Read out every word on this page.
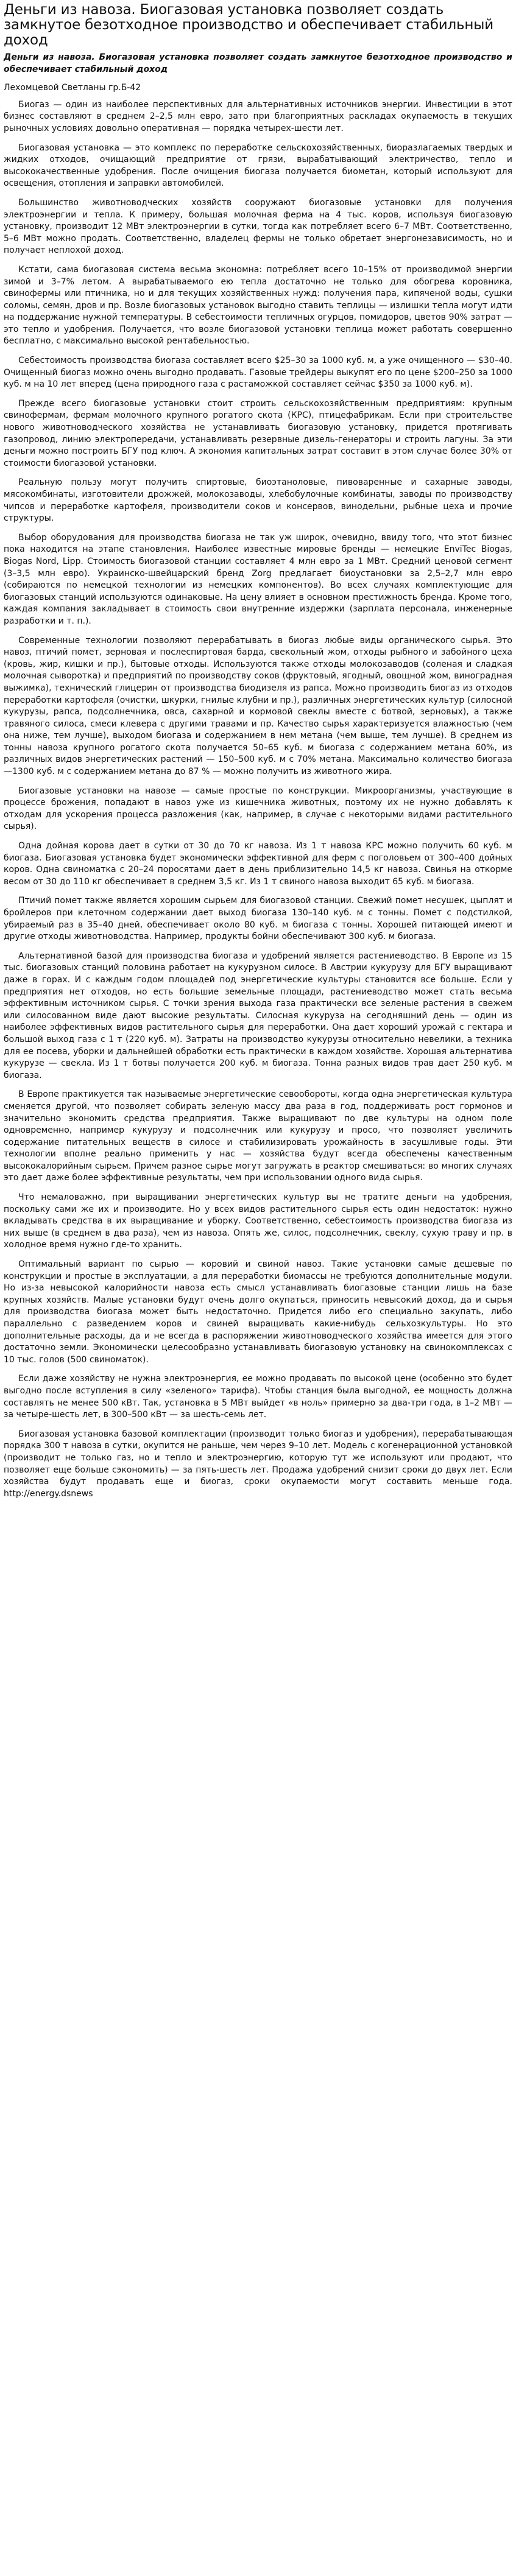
Деньги из навоза. Биогазовая установка позволяет создать замкнутое безотходное производство и обеспечивает стабильный доход

Деньги из навоза. Биогазовая установка позволяет создать замкнутое безотходное производство и обеспечивает стабильный доход

Лехомцевой Светланы гр.Б-42

Биогаз — один из наиболее перспективных для альтернативных источников энергии. Инвестиции в этот бизнес составляют в среднем 2–2,5 млн евро, зато при благоприятных раскладах окупаемость в текущих рыночных условиях довольно оперативная — порядка четырех-шести лет.

Биогазовая установка — это комплекс по переработке сельскохозяйственных, биоразлагаемых твердых и жидких отходов, очищающий предприятие от грязи, вырабатывающий электричество, тепло и высококачественные удобрения. После очищения биогаза получается биометан, который используют для освещения, отопления и заправки автомобилей.

Большинство животноводческих хозяйств сооружают биогазовые установки для получения электроэнергии и тепла. К примеру, большая молочная ферма на 4 тыс. коров, используя биогазовую установку, производит 12 МВт электроэнергии в сутки, тогда как потребляет всего 6–7 МВт. Соответственно, 5–6 МВт можно продать. Соответственно, владелец фермы не только обретает энергонезависимость, но и получает неплохой доход.

Кстати, сама биогазовая система весьма экономна: потребляет всего 10–15% от производимой энергии зимой и 3–7% летом. А вырабатываемого ею тепла достаточно не только для обогрева коровника, свинофермы или птичника, но и для текущих хозяйственных нужд: получения пара, кипяченой воды, сушки соломы, семян, дров и пр. Возле биогазовых установок выгодно ставить теплицы — излишки тепла могут идти на поддержание нужной температуры. В себестоимости тепличных огурцов, помидоров, цветов 90% затрат — это тепло и удобрения. Получается, что возле биогазовой установки теплица может работать совершенно бесплатно, с максимально высокой рентабельностью.

Себестоимость производства биогаза составляет всего $25–30 за 1000 куб. м, а уже очищенного — $30–40. Очищенный биогаз можно очень выгодно продавать. Газовые трейдеры выкупят его по цене $200–250 за 1000 куб. м на 10 лет вперед (цена природного газа с растаможкой составляет сейчас $350 за 1000 куб. м).

Прежде всего биогазовые установки стоит строить сельскохозяйственным предприятиям: крупным свинофермам, фермам молочного крупного рогатого скота (КРС), птицефабрикам. Если при строительстве нового животноводческого хозяйства не устанавливать биогазовую установку, придется протягивать газопровод, линию электропередачи, устанавливать резервные дизель-генераторы и строить лагуны. За эти деньги можно построить БГУ под ключ. А экономия капитальных затрат составит в этом случае более 30% от стоимости биогазовой установки.

Реальную пользу могут получить спиртовые, биоэтаноловые, пивоваренные и сахарные заводы, мясокомбинаты, изготовители дрожжей, молокозаводы, хлебобулочные комбинаты, заводы по производству чипсов и переработке картофеля, производители соков и консервов, винодельни, рыбные цеха и прочие структуры.

Выбор оборудования для производства биогаза не так уж широк, очевидно, ввиду того, что этот бизнес пока находится на этапе становления. Наиболее известные мировые бренды — немецкие EnviTec Biogas, Biogas Nord, Lipp. Стоимость биогазовой станции составляет 4 млн евро за 1 МВт. Средний ценовой сегмент (3–3,5 млн евро). Украинско-швейцарский бренд Zorg предлагает биоустановки за 2,5–2,7 млн евро (собираются по немецкой технологии из немецких компонентов). Во всех случаях комплектующие для биогазовых станций используются одинаковые. На цену влияет в основном престижность бренда. Кроме того, каждая компания закладывает в стоимость свои внутренние издержки (зарплата персонала, инженерные разработки и т. п.).

Современные технологии позволяют перерабатывать в биогаз любые виды органического сырья. Это навоз, птичий помет, зерновая и послеспиртовая барда, свекольный жом, отходы рыбного и забойного цеха (кровь, жир, кишки и пр.), бытовые отходы. Используются также отходы молокозаводов (соленая и сладкая молочная сыворотка) и предприятий по производству соков (фруктовый, ягодный, овощной жом, виноградная выжимка), технический глицерин от производства биодизеля из рапса. Можно производить биогаз из отходов переработки картофеля (очистки, шкурки, гнилые клубни и пр.), различных энергетических культур (силосной кукурузы, рапса, подсолнечника, овса, сахарной и кормовой свеклы вместе с ботвой, зерновых), а также травяного силоса, смеси клевера с другими травами и пр. Качество сырья характеризуется влажностью (чем она ниже, тем лучше), выходом биогаза и содержанием в нем метана (чем выше, тем лучше). В среднем из тонны навоза крупного рогатого скота получается 50–65 куб. м биогаза с содержанием метана 60%, из различных видов энергетических растений — 150–500 куб. м с 70% метана. Максимально количество биогаза —1300 куб. м с содержанием метана до 87 % — можно получить из животного жира.

Биогазовые установки на навозе — самые простые по конструкции. Микроорганизмы, участвующие в процессе брожения, попадают в навоз уже из кишечника животных, поэтому их не нужно добавлять к отходам для ускорения процесса разложения (как, например, в случае с некоторыми видами растительного сырья).

Одна дойная корова дает в сутки от 30 до 70 кг навоза. Из 1 т навоза КРС можно получить 60 куб. м биогаза. Биогазовая установка будет экономически эффективной для ферм с поголовьем от 300–400 дойных коров. Одна свиноматка с 20–24 поросятами дает в день приблизительно 14,5 кг навоза. Свинья на откорме весом от 30 до 110 кг обеспечивает в среднем 3,5 кг. Из 1 т свиного навоза выходит 65 куб. м биогаза.

Птичий помет также является хорошим сырьем для биогазовой станции. Свежий помет несушек, цыплят и бройлеров при клеточном содержании дает выход биогаза 130–140 куб. м с тонны. Помет с подстилкой, убираемый раз в 35–40 дней, обеспечивает около 80 куб. м биогаза с тонны. Хорошей питающей имеют и другие отходы животноводства. Например, продукты бойни обеспечивают 300 куб. м биогаза.

Альтернативной базой для производства биогаза и удобрений является растениеводство. В Европе из 15 тыс. биогазовых станций половина работает на кукурузном силосе. В Австрии кукурузу для БГУ выращивают даже в горах. И с каждым годом площадей под энергетические культуры становится все больше. Если у предприятия нет отходов, но есть большие земельные площади, растениеводство может стать весьма эффективным источником сырья. С точки зрения выхода газа практически все зеленые растения в свежем или силосованном виде дают высокие результаты. Силосная кукуруза на сегодняшний день — один из наиболее эффективных видов растительного сырья для переработки. Она дает хороший урожай с гектара и большой выход газа с 1 т (220 куб. м). Затраты на производство кукурузы относительно невелики, а техника для ее посева, уборки и дальнейшей обработки есть практически в каждом хозяйстве. Хорошая альтернатива кукурузе — свекла. Из 1 т ботвы получается 200 куб. м биогаза. Тонна разных видов трав дает 250 куб. м биогаза.

В Европе практикуется так называемые энергетические севообороты, когда одна энергетическая культура сменяется другой, что позволяет собирать зеленую массу два раза в год, поддерживать рост гормонов и значительно экономить средства предприятия. Также выращивают по две культуры на одном поле одновременно, например кукурузу и подсолнечник или кукурузу и просо, что позволяет увеличить содержание питательных веществ в силосе и стабилизировать урожайность в засушливые годы. Эти технологии вполне реально применить у нас — хозяйства будут всегда обеспечены качественным высококалорийным сырьем. Причем разное сырье могут загружать в реактор смешиваться: во многих случаях это дает даже более эффективные результаты, чем при использовании одного вида сырья.

Что немаловажно, при выращивании энергетических культур вы не тратите деньги на удобрения, поскольку сами же их и производите. Но у всех видов растительного сырья есть один недостаток: нужно вкладывать средства в их выращивание и уборку. Соответственно, себестоимость производства биогаза из них выше (в среднем в два раза), чем из навоза. Опять же, силос, подсолнечник, свеклу, сухую траву и пр. в холодное время нужно где-то хранить.

Оптимальный вариант по сырью — коровий и свиной навоз. Такие установки самые дешевые по конструкции и простые в эксплуатации, а для переработки биомассы не требуются дополнительные модули. Но из-за невысокой калорийности навоза есть смысл устанавливать биогазовые станции лишь на базе крупных хозяйств. Малые установки будут очень долго окупаться, приносить невысокий доход, да и сырья для производства биогаза может быть недостаточно. Придется либо его специально закупать, либо параллельно с разведением коров и свиней выращивать какие-нибудь сельхозкультуры. Но это дополнительные расходы, да и не всегда в распоряжении животноводческого хозяйства имеется для этого достаточно земли. Экономически целесообразно устанавливать биогазовую установку на свинокомплексах с 10 тыс. голов (500 свиноматок).

Если даже хозяйству не нужна электроэнергия, ее можно продавать по высокой цене (особенно это будет выгодно после вступления в силу «зеленого» тарифа). Чтобы станция была выгодной, ее мощность должна составлять не менее 500 кВт. Так, установка в 5 МВт выйдет «в ноль» примерно за два-три года, в 1–2 МВт — за четыре-шесть лет, в 300–500 кВт — за шесть-семь лет.

Биогазовая установка базовой комплектации (производит только биогаз и удобрения), перерабатывающая порядка 300 т навоза в сутки, окупится не раньше, чем через 9–10 лет. Модель с когенерационной установкой (производит не только газ, но и тепло и электроэнергию, которую тут же используют или продают, что позволяет еще больше сэкономить) — за пять-шесть лет. Продажа удобрений снизит сроки до двух лет. Если хозяйства будут продавать еще и биогаз, сроки окупаемости могут составить меньше года. http://energy.dsnews
